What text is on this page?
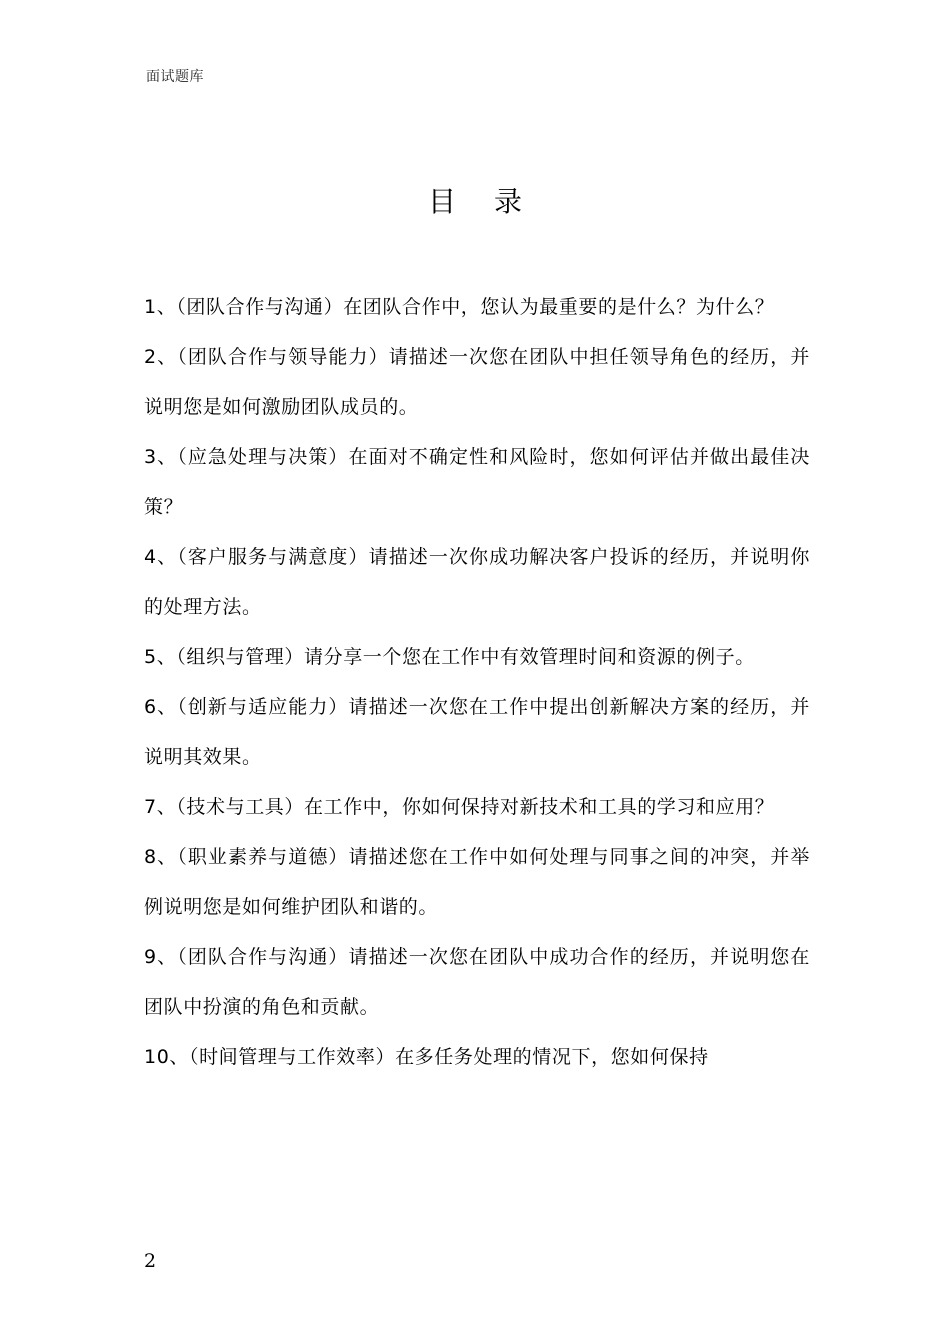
面试题库
目录
1、（团队合作与沟通）在团队合作中，您认为最重要的是什么？为什么？
2、（团队合作与领导能力）请描述一次您在团队中担任领导角色的经历，并说明您是如何激励团队成员的。
3、（应急处理与决策）在面对不确定性和风险时，您如何评估并做出最佳决策？
4、（客户服务与满意度）请描述一次你成功解决客户投诉的经历，并说明你的处理方法。
5、（组织与管理）请分享一个您在工作中有效管理时间和资源的例子。
6、（创新与适应能力）请描述一次您在工作中提出创新解决方案的经历，并说明其效果。
7、（技术与工具）在工作中，你如何保持对新技术和工具的学习和应用？
8、（职业素养与道德）请描述您在工作中如何处理与同事之间的冲突，并举例说明您是如何维护团队和谐的。
9、（团队合作与沟通）请描述一次您在团队中成功合作的经历，并说明您在团队中扮演的角色和贡献。
10、（时间管理与工作效率）在多任务处理的情况下，您如何保持
2
